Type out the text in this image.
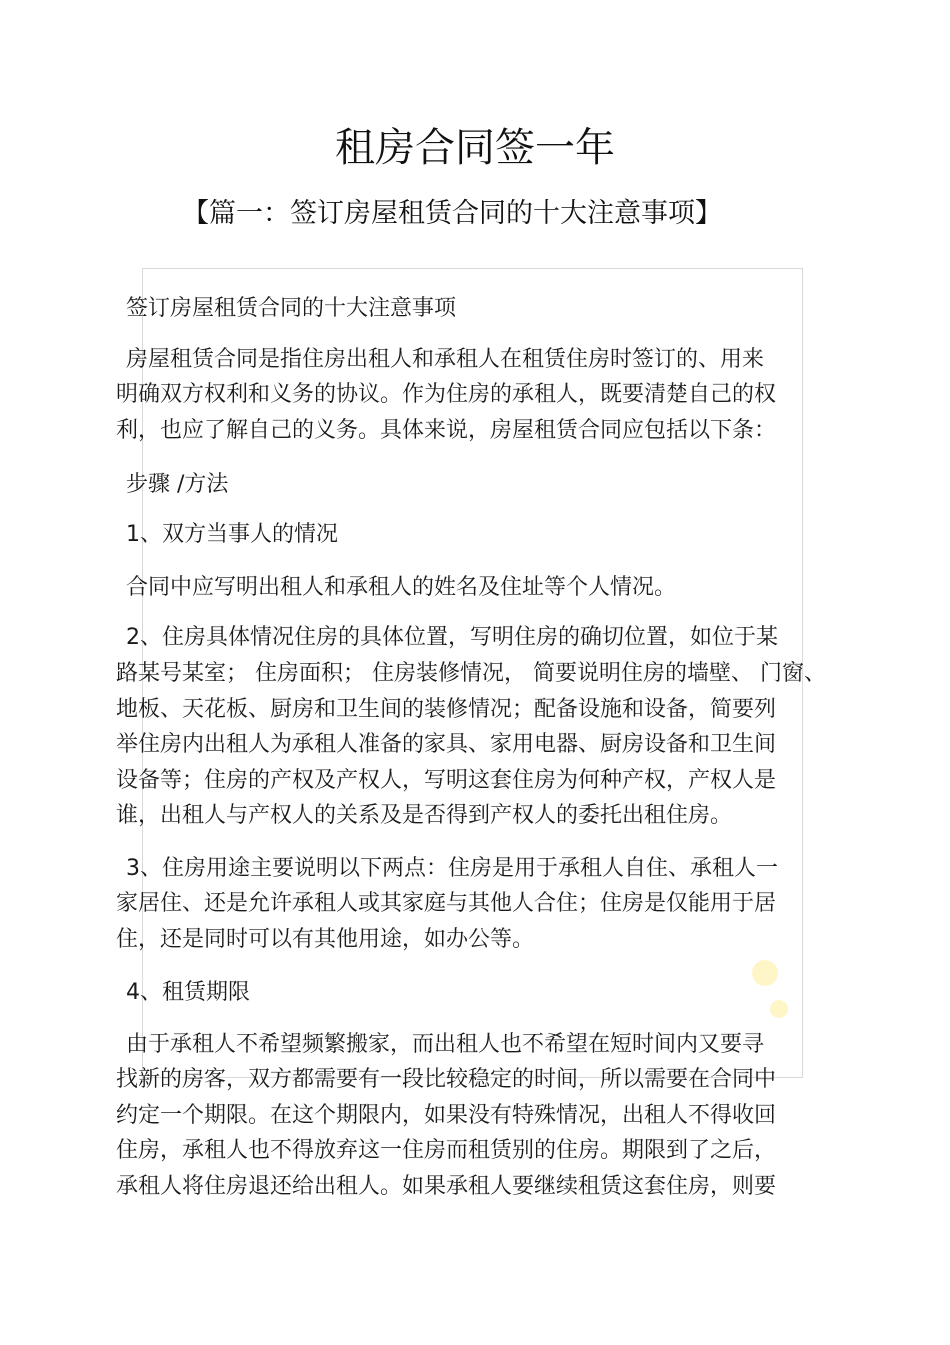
租房合同签一年
【篇一：签订房屋租赁合同的十大注意事项】
签订房屋租赁合同的十大注意事项
房屋租赁合同是指住房出租人和承租人在租赁住房时签订的、用来
明确双方权利和义务的协议。作为住房的承租人，既要清楚自己的权
利，也应了解自己的义务。具体来说，房屋租赁合同应包括以下条：
步骤 /方法
1、双方当事人的情况
合同中应写明出租人和承租人的姓名及住址等个人情况。
2、住房具体情况住房的具体位置，写明住房的确切位置，如位于某
路某号某室； 住房面积； 住房装修情况， 简要说明住房的墙壁、 门窗、
地板、天花板、厨房和卫生间的装修情况；配备设施和设备，简要列
举住房内出租人为承租人准备的家具、家用电器、厨房设备和卫生间
设备等；住房的产权及产权人，写明这套住房为何种产权，产权人是
谁，出租人与产权人的关系及是否得到产权人的委托出租住房。
3、住房用途主要说明以下两点：住房是用于承租人自住、承租人一
家居住、还是允许承租人或其家庭与其他人合住；住房是仅能用于居
住，还是同时可以有其他用途，如办公等。
4、租赁期限
由于承租人不希望频繁搬家，而出租人也不希望在短时间内又要寻
找新的房客，双方都需要有一段比较稳定的时间，所以需要在合同中
约定一个期限。在这个期限内，如果没有特殊情况，出租人不得收回
住房，承租人也不得放弃这一住房而租赁别的住房。期限到了之后，
承租人将住房退还给出租人。如果承租人要继续租赁这套住房，则要
